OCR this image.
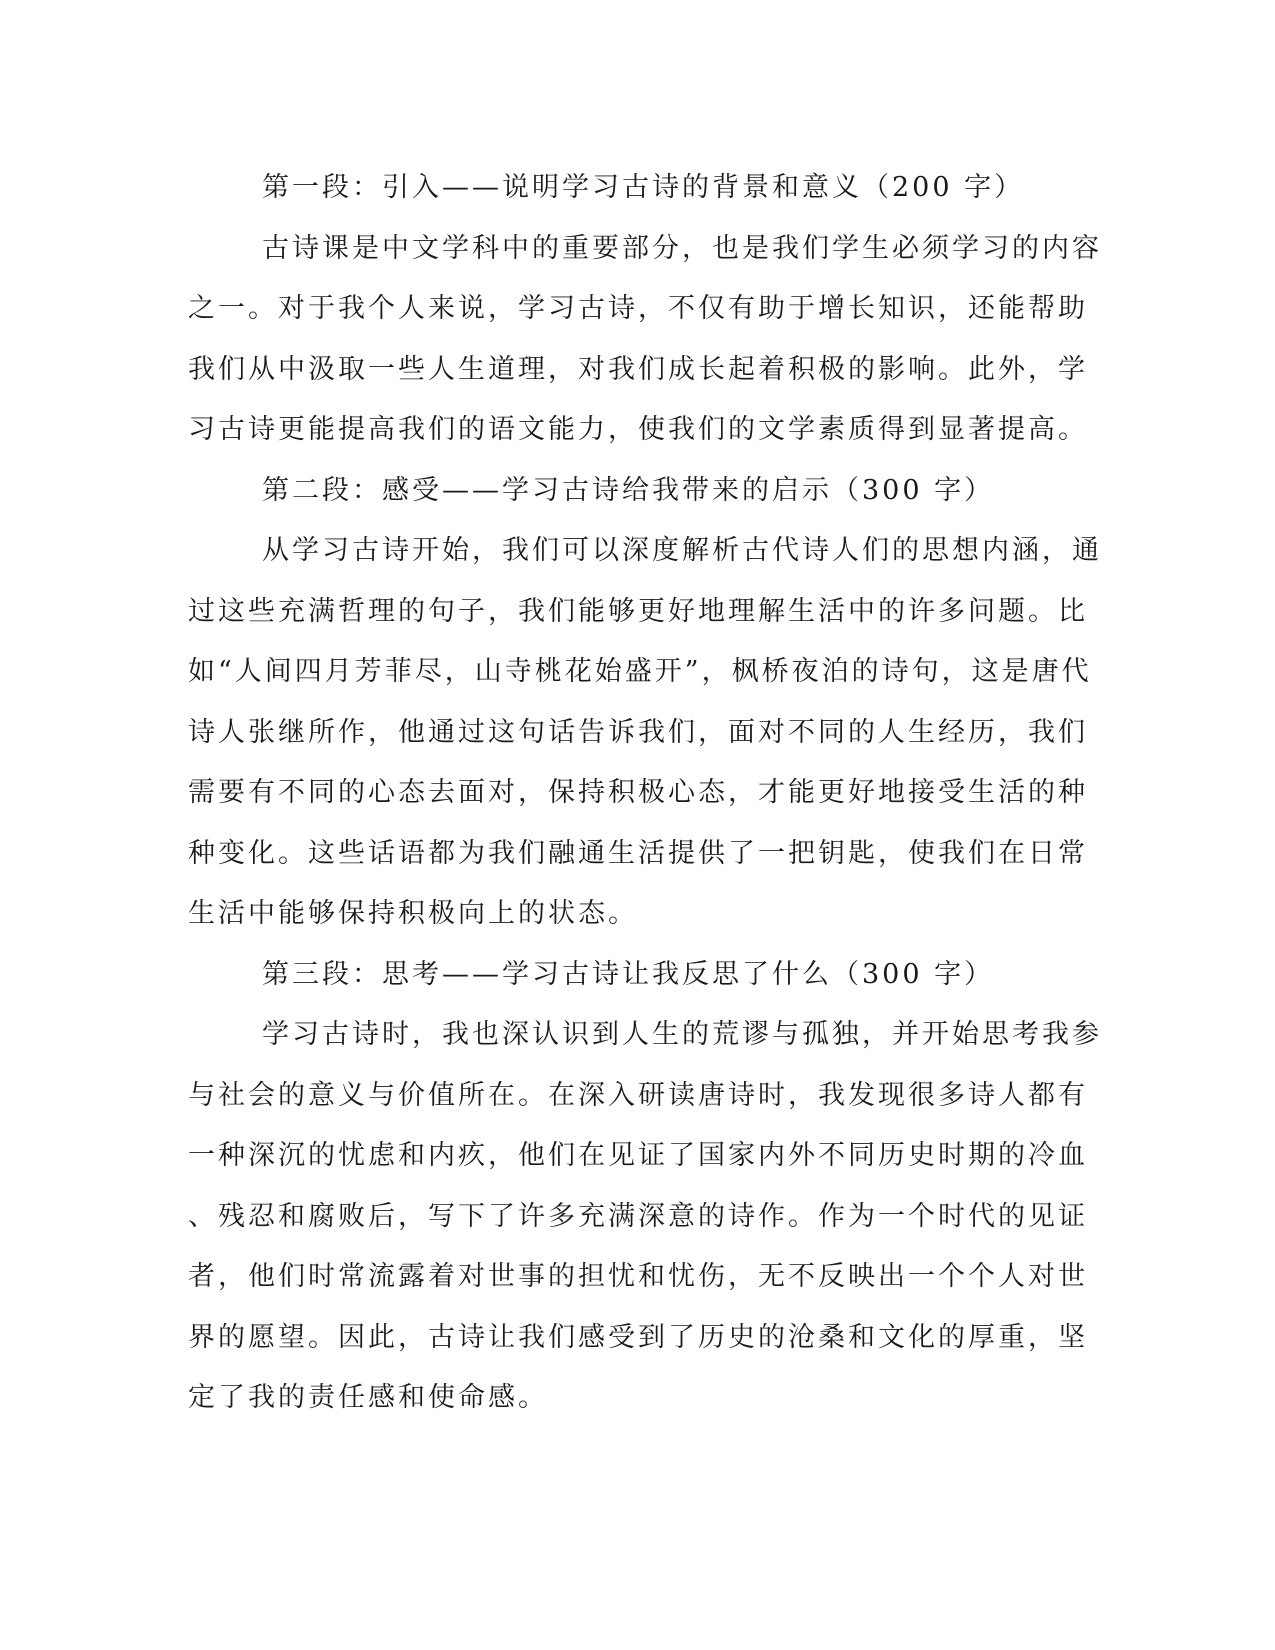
第一段：引入——说明学习古诗的背景和意义（200 字）
古诗课是中文学科中的重要部分，也是我们学生必须学习的内容
之一。对于我个人来说，学习古诗，不仅有助于增长知识，还能帮助
我们从中汲取一些人生道理，对我们成长起着积极的影响。此外，学
习古诗更能提高我们的语文能力，使我们的文学素质得到显著提高。
第二段：感受——学习古诗给我带来的启示（300 字）
从学习古诗开始，我们可以深度解析古代诗人们的思想内涵，通
过这些充满哲理的句子，我们能够更好地理解生活中的许多问题。比
如“人间四月芳菲尽，山寺桃花始盛开”，枫桥夜泊的诗句，这是唐代
诗人张继所作，他通过这句话告诉我们，面对不同的人生经历，我们
需要有不同的心态去面对，保持积极心态，才能更好地接受生活的种
种变化。这些话语都为我们融通生活提供了一把钥匙，使我们在日常
生活中能够保持积极向上的状态。
第三段：思考——学习古诗让我反思了什么（300 字）
学习古诗时，我也深认识到人生的荒谬与孤独，并开始思考我参
与社会的意义与价值所在。在深入研读唐诗时，我发现很多诗人都有
一种深沉的忧虑和内疚，他们在见证了国家内外不同历史时期的冷血
、残忍和腐败后，写下了许多充满深意的诗作。作为一个时代的见证
者，他们时常流露着对世事的担忧和忧伤，无不反映出一个个人对世
界的愿望。因此，古诗让我们感受到了历史的沧桑和文化的厚重，坚
定了我的责任感和使命感。
